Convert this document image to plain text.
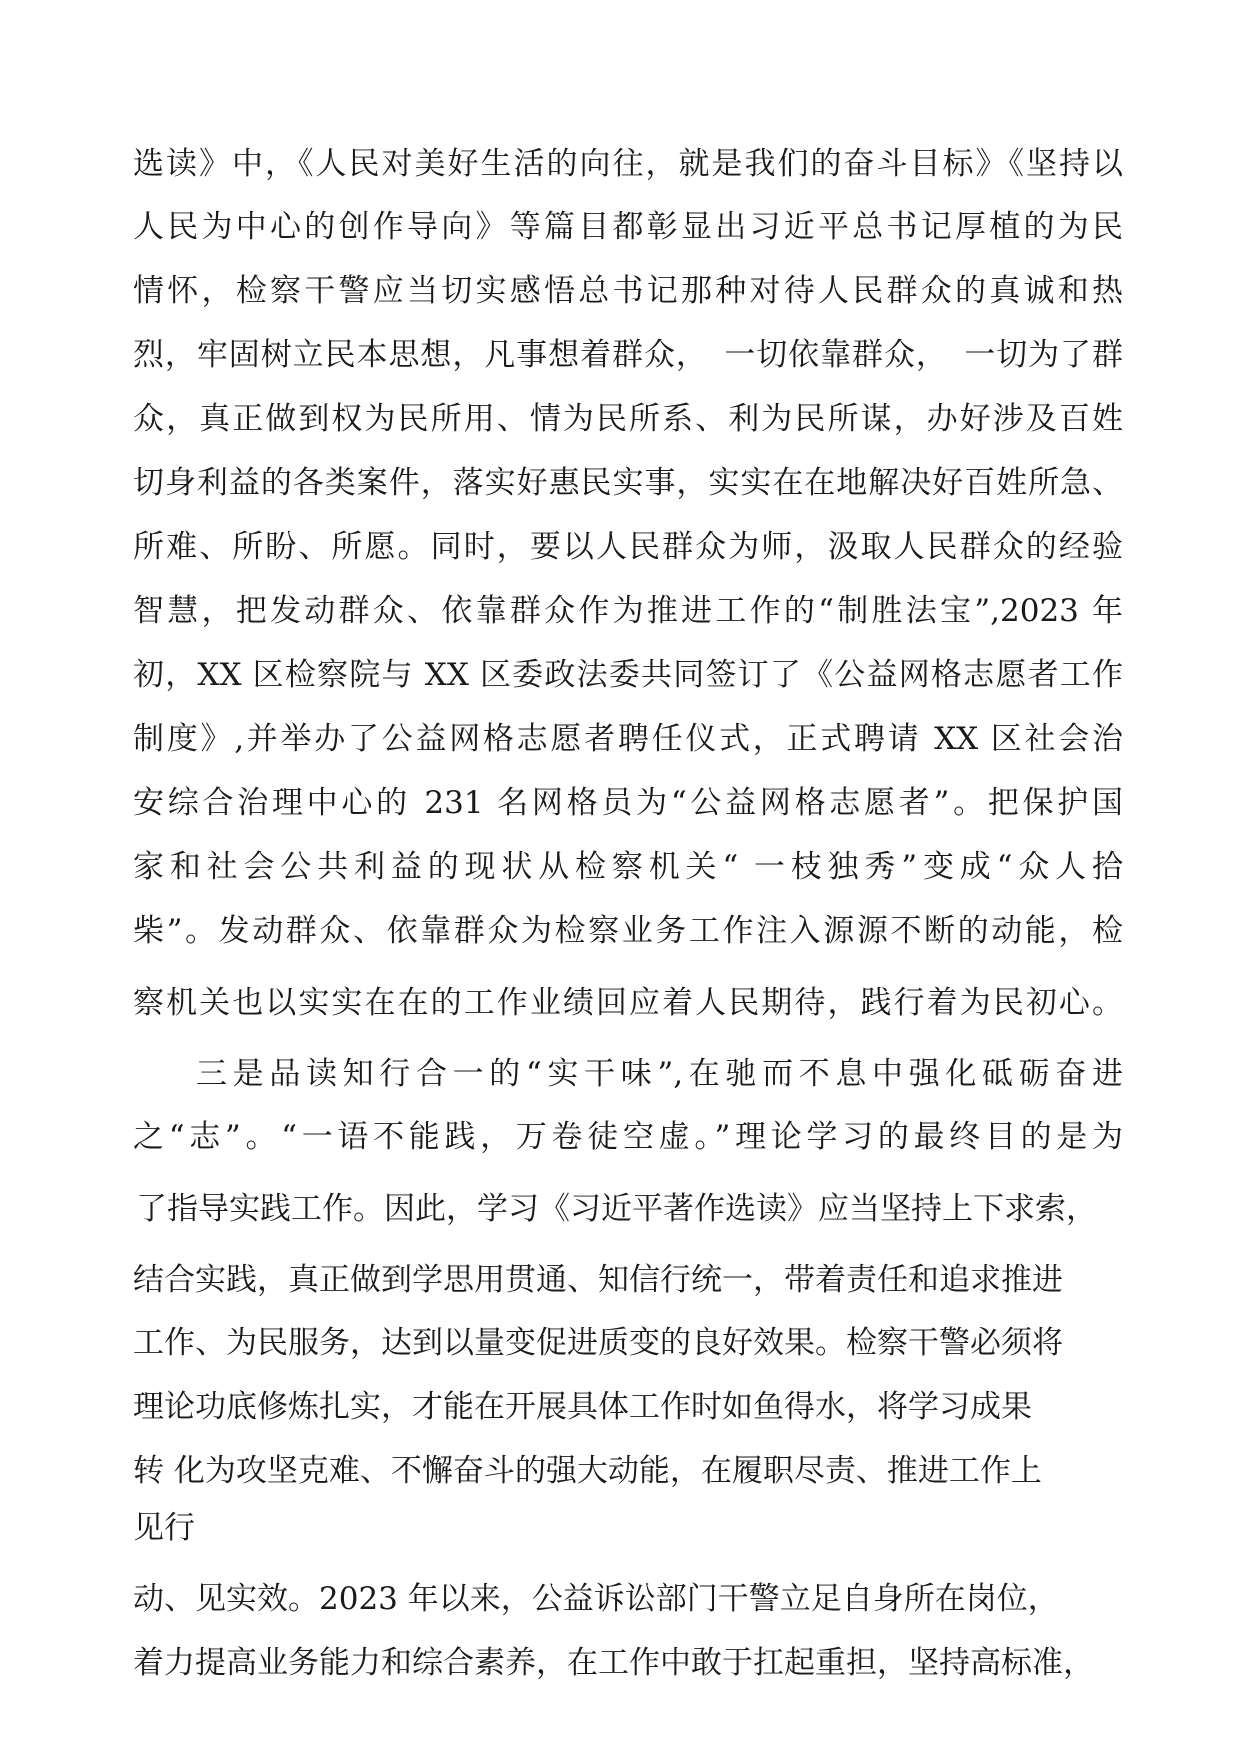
选读》中，《人民对美好生活的向往，就是我们的奋斗目标》《坚持以
人民为中心的创作导向》等篇目都彰显出习近平总书记厚植的为民
情怀，检察干警应当切实感悟总书记那种对待人民群众的真诚和热
烈，牢固树立民本思想，凡事想着群众，　一切依靠群众，　一切为了群
众，真正做到权为民所用、情为民所系、利为民所谋，办好涉及百姓
切身利益的各类案件，落实好惠民实事，实实在在地解决好百姓所急、
所难、所盼、所愿。同时，要以人民群众为师，汲取人民群众的经验
智慧，把发动群众、依靠群众作为推进工作的“制胜法宝”,2023 年
初，XX 区检察院与 XX 区委政法委共同签订了《公益网格志愿者工作
制度》,并举办了公益网格志愿者聘任仪式，正式聘请 XX 区社会治
安综合治理中心的 231 名网格员为“公益网格志愿者”。把保护国
家和社会公共利益的现状从检察机关“ 一枝独秀”变成“众人拾
柴”。发动群众、依靠群众为检察业务工作注入源源不断的动能，检
察机关也以实实在在的工作业绩回应着人民期待，践行着为民初心。
三是品读知行合一的“实干味”,在驰而不息中强化砥砺奋进
之“志”。“一语不能践，万卷徒空虚。”理论学习的最终目的是为
了指导实践工作。因此，学习《习近平著作选读》应当坚持上下求索，
结合实践，真正做到学思用贯通、知信行统一，带着责任和追求推进
工作、为民服务，达到以量变促进质变的良好效果。检察干警必须将
理论功底修炼扎实，才能在开展具体工作时如鱼得水，将学习成果
转 化为攻坚克难、不懈奋斗的强大动能，在履职尽责、推进工作上
见行
动、见实效。2023 年以来，公益诉讼部门干警立足自身所在岗位，
着力提高业务能力和综合素养，在工作中敢于扛起重担，坚持高标准，
